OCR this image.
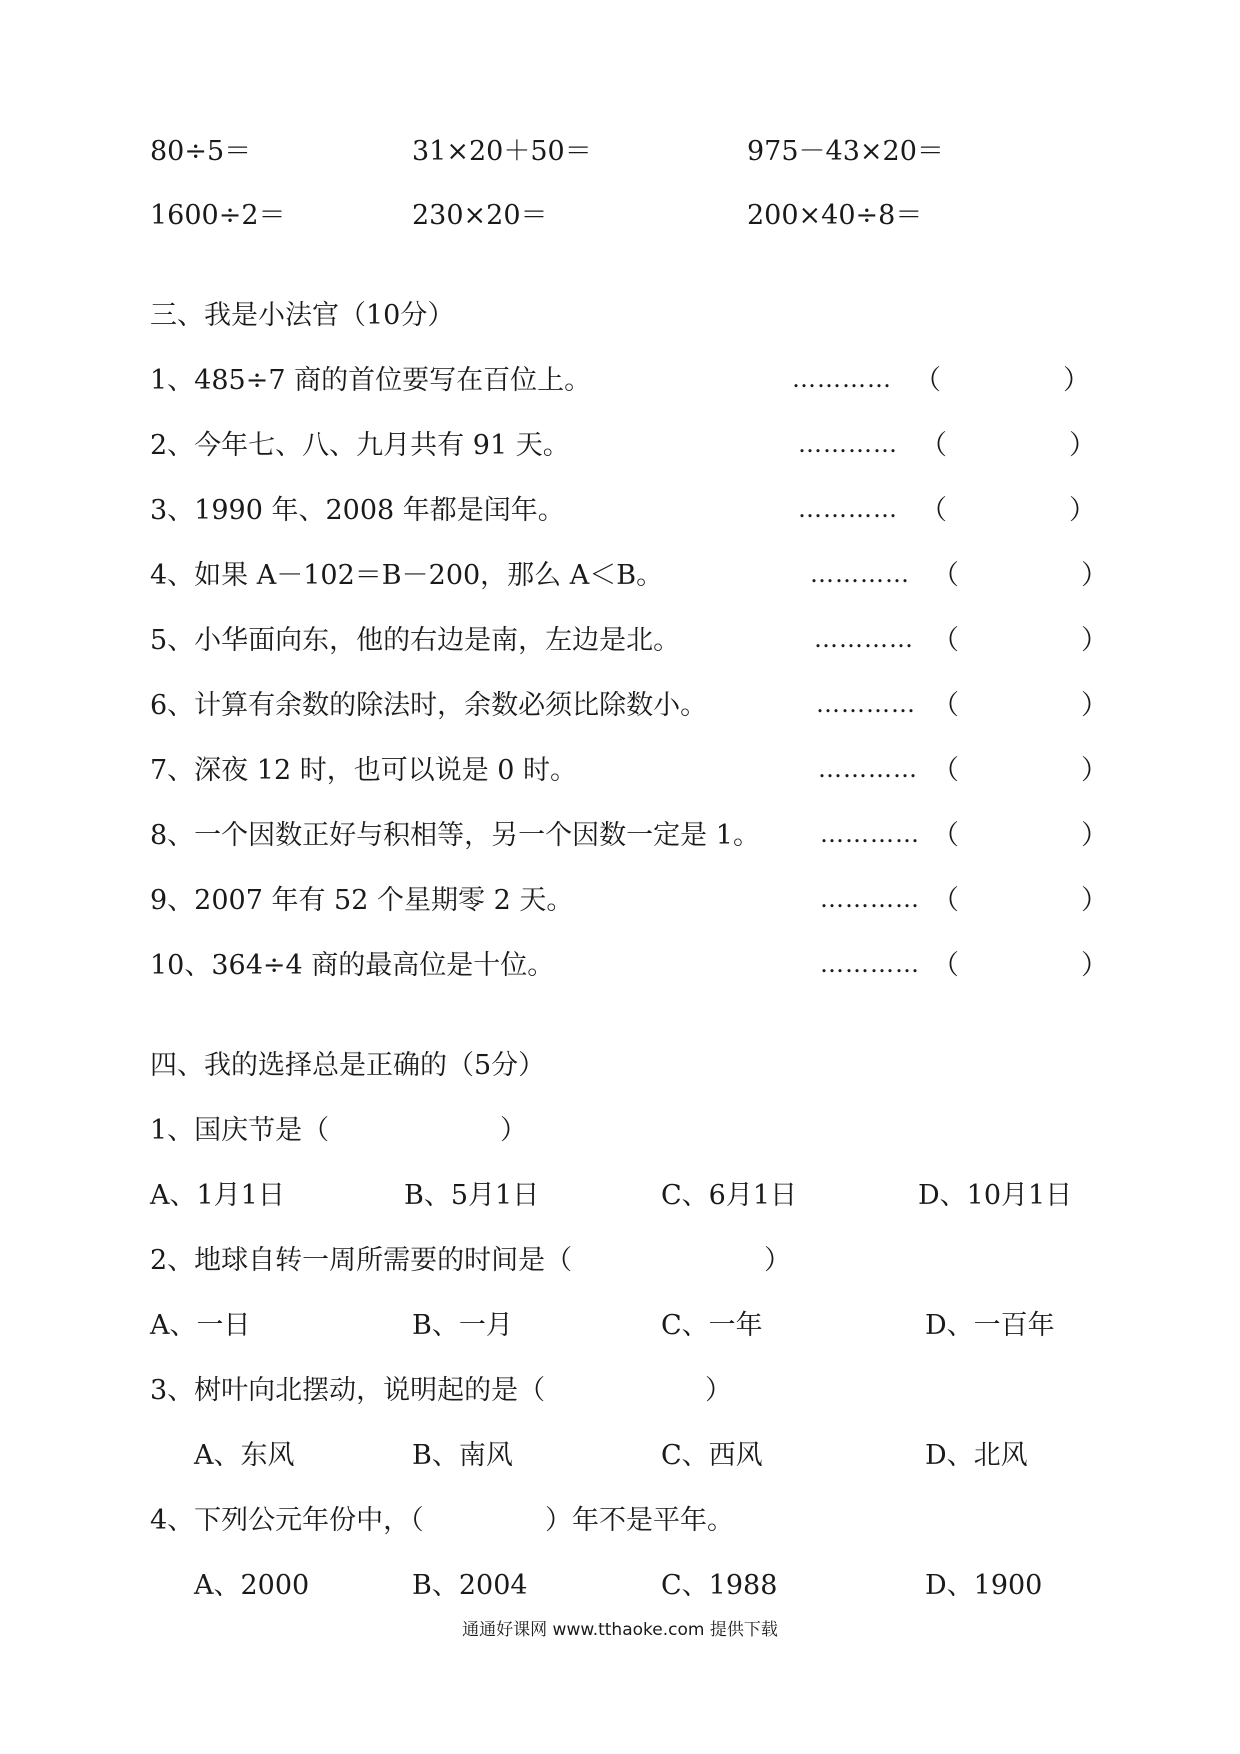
80÷5＝	31×20＋50＝	975－43×20＝
1600÷2＝	230×20＝	200×40÷8＝
三、我是小法官（10分）
1、485÷7 商的首位要写在百位上。	………… （	）
2、今年七、八、九月共有 91 天。	………… （	）
3、1990 年、2008 年都是闰年。	………… （	）
4、如果 A－102＝B－200，那么 A＜B。	………… （	）
5、小华面向东，他的右边是南，左边是北。	………… （	）
6、计算有余数的除法时，余数必须比除数小。	………… （	）
7、深夜 12 时，也可以说是 0 时。	………… （	）
8、一个因数正好与积相等，另一个因数一定是 1。	………… （	）
9、2007 年有 52 个星期零 2 天。	………… （	）
10、364÷4 商的最高位是十位。	………… （	）
四、我的选择总是正确的（5分）
1、国庆节是（	）
A、1月1日	B、5月1日	C、6月1日	D、10月1日
2、地球自转一周所需要的时间是（	）
A、一日	B、一月	C、一年	D、一百年
3、树叶向北摆动，说明起的是（	）
A、东风	B、南风	C、西风	D、北风
4、下列公元年份中，（	）年不是平年。
A、2000	B、2004	C、1988	D、1900
通通好课网 www.tthaoke.com 提供下载
